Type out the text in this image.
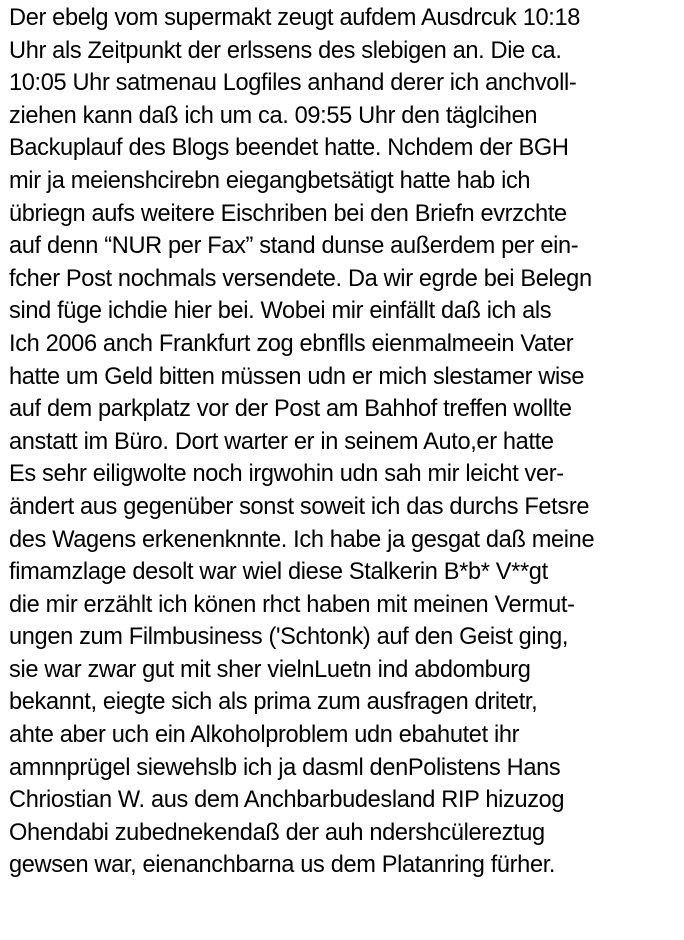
Der ebelg vom supermakt zeugt aufdem Ausdrcuk 10:18
Uhr als Zeitpunkt der erlssens des slebigen an. Die ca.
10:05 Uhr satmenau Logfiles anhand derer ich anchvoll-
ziehen kann daß ich um ca. 09:55 Uhr den täglcihen
Backuplauf des Blogs beendet hatte. Nchdem der BGH
mir ja meienshcirebn eiegangbetsätigt hatte hab ich
übriegn aufs weitere Eischriben bei den Briefn evrzchte
auf denn “NUR per Fax” stand dunse außerdem per ein-
fcher Post nochmals versendete. Da wir egrde bei Belegn
sind füge ichdie hier bei. Wobei mir einfällt daß ich als
Ich 2006 anch Frankfurt zog ebnflls eienmalmeein Vater
hatte um Geld bitten müssen udn er mich slestamer wise
auf dem parkplatz vor der Post am Bahhof treffen wollte
anstatt im Büro. Dort warter er in seinem Auto,er hatte
Es sehr eiligwolte noch irgwohin udn sah mir leicht ver-
ändert aus gegenüber sonst soweit ich das durchs Fetsre
des Wagens erkenenknnte. Ich habe ja gesgat daß meine
fimamzlage desolt war wiel diese Stalkerin B*b* V**gt
die mir erzählt ich könen rhct haben mit meinen Vermut-
ungen zum Filmbusiness ('Schtonk) auf den Geist ging,
sie war zwar gut mit sher vielnLuetn ind abdomburg
bekannt, eiegte sich als prima zum ausfragen dritetr,
ahte aber uch ein Alkoholproblem udn ebahutet ihr
amnnprügel siewehslb ich ja dasml denPolistens Hans
Chriostian W. aus dem Anchbarbudesland RIP hizuzog
Ohendabi zubednekendaß der auh ndershcülereztug
gewsen war, eienanchbarna us dem Platanring fürher.
